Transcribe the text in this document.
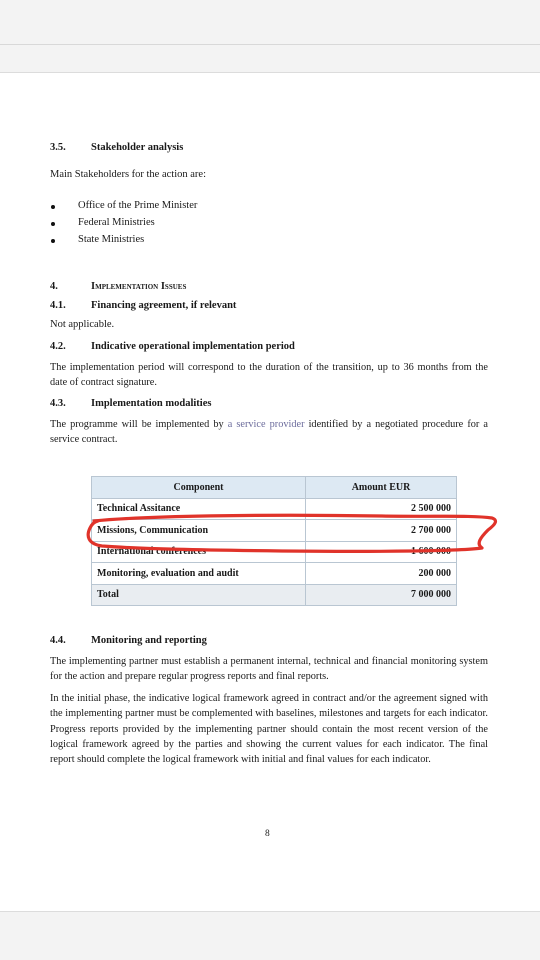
3.5. Stakeholder analysis
Main Stakeholders for the action are:
Office of the Prime Minister
Federal Ministries
State Ministries
4.	Implementation Issues
4.1. Financing agreement, if relevant
Not applicable.
4.2. Indicative operational implementation period
The implementation period will correspond to the duration of the transition, up to 36 months from the date of contract signature.
4.3. Implementation modalities
The programme will be implemented by a service provider identified by a negotiated procedure for a service contract.
Component	Amount EUR
Technical Assitance	2 500 000
Missions, Communication	2 700 000
International conferences	1 600 000
Monitoring, evaluation and audit	200 000
Total	7 000 000
4.4. Monitoring and reporting
The implementing partner must establish a permanent internal, technical and financial monitoring system for the action and prepare regular progress reports and final reports.
In the initial phase, the indicative logical framework agreed in contract and/or the agreement signed with the implementing partner must be complemented with baselines, milestones and targets for each indicator. Progress reports provided by the implementing partner should contain the most recent version of the logical framework agreed by the parties and showing the current values for each indicator. The final report should complete the logical framework with initial and final values for each indicator.
8
